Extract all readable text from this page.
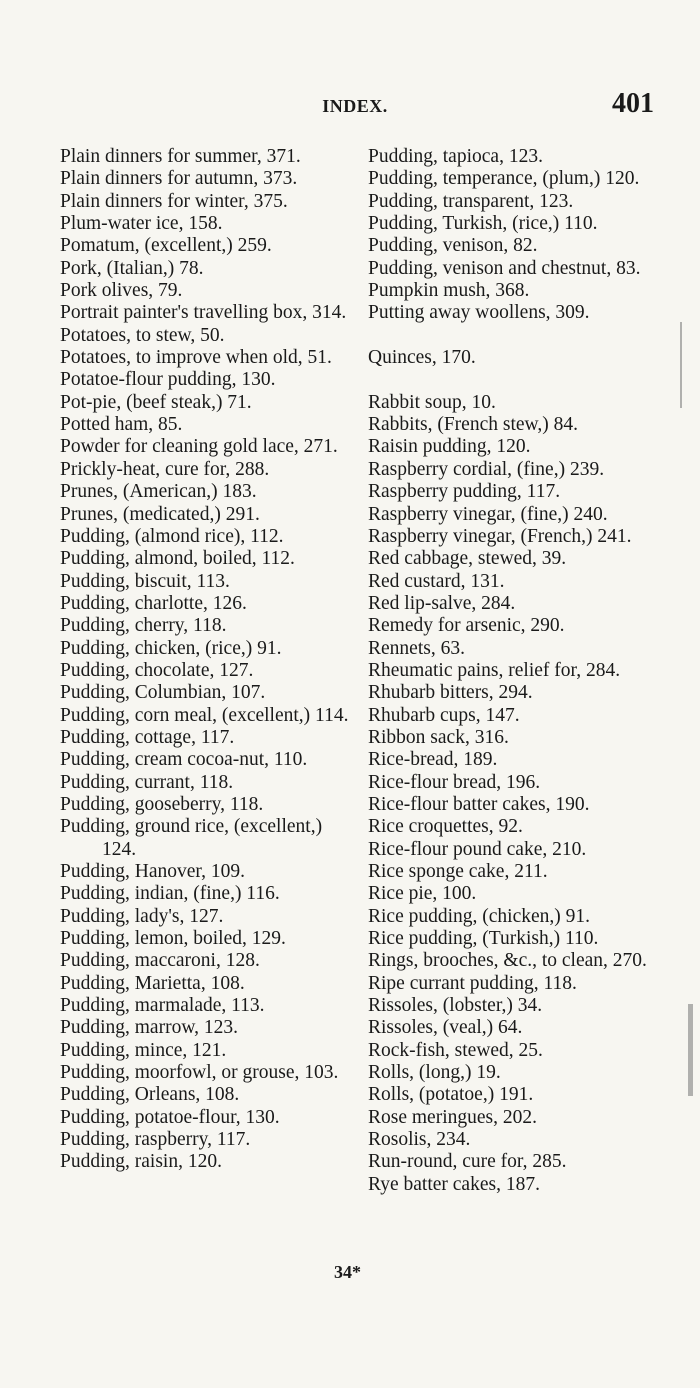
INDEX.	401
Plain dinners for summer, 371.
Plain dinners for autumn, 373.
Plain dinners for winter, 375.
Plum-water ice, 158.
Pomatum, (excellent,) 259.
Pork, (Italian,) 78.
Pork olives, 79.
Portrait painter's travelling box, 314.
Potatoes, to stew, 50.
Potatoes, to improve when old, 51.
Potatoe-flour pudding, 130.
Pot-pie, (beef steak,) 71.
Potted ham, 85.
Powder for cleaning gold lace, 271.
Prickly-heat, cure for, 288.
Prunes, (American,) 183.
Prunes, (medicated,) 291.
Pudding, (almond rice), 112.
Pudding, almond, boiled, 112.
Pudding, biscuit, 113.
Pudding, charlotte, 126.
Pudding, cherry, 118.
Pudding, chicken, (rice,) 91.
Pudding, chocolate, 127.
Pudding, Columbian, 107.
Pudding, corn meal, (excellent,) 114.
Pudding, cottage, 117.
Pudding, cream cocoa-nut, 110.
Pudding, currant, 118.
Pudding, gooseberry, 118.
Pudding, ground rice, (excellent,) 124.
Pudding, Hanover, 109.
Pudding, indian, (fine,) 116.
Pudding, lady's, 127.
Pudding, lemon, boiled, 129.
Pudding, maccaroni, 128.
Pudding, Marietta, 108.
Pudding, marmalade, 113.
Pudding, marrow, 123.
Pudding, mince, 121.
Pudding, moorfowl, or grouse, 103.
Pudding, Orleans, 108.
Pudding, potatoe-flour, 130.
Pudding, raspberry, 117.
Pudding, raisin, 120.
Pudding, tapioca, 123.
Pudding, temperance, (plum,) 120.
Pudding, transparent, 123.
Pudding, Turkish, (rice,) 110.
Pudding, venison, 82.
Pudding, venison and chestnut, 83.
Pumpkin mush, 368.
Putting away woollens, 309.
Quinces, 170.
Rabbit soup, 10.
Rabbits, (French stew,) 84.
Raisin pudding, 120.
Raspberry cordial, (fine,) 239.
Raspberry pudding, 117.
Raspberry vinegar, (fine,) 240.
Raspberry vinegar, (French,) 241.
Red cabbage, stewed, 39.
Red custard, 131.
Red lip-salve, 284.
Remedy for arsenic, 290.
Rennets, 63.
Rheumatic pains, relief for, 284.
Rhubarb bitters, 294.
Rhubarb cups, 147.
Ribbon sack, 316.
Rice-bread, 189.
Rice-flour bread, 196.
Rice-flour batter cakes, 190.
Rice croquettes, 92.
Rice-flour pound cake, 210.
Rice sponge cake, 211.
Rice pie, 100.
Rice pudding, (chicken,) 91.
Rice pudding, (Turkish,) 110.
Rings, brooches, &c., to clean, 270.
Ripe currant pudding, 118.
Rissoles, (lobster,) 34.
Rissoles, (veal,) 64.
Rock-fish, stewed, 25.
Rolls, (long,) 19.
Rolls, (potatoe,) 191.
Rose meringues, 202.
Rosolis, 234.
Run-round, cure for, 285.
Rye batter cakes, 187.
34*
